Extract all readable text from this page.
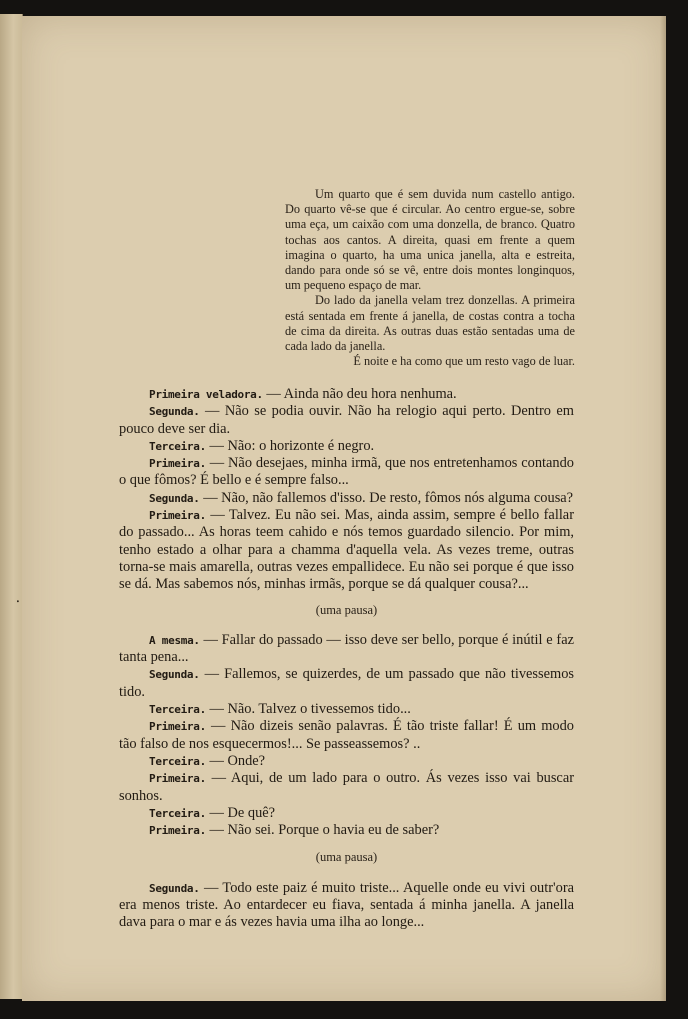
⸱

Um quarto que é sem duvida num castello antigo. Do quarto vê-se que é circular. Ao centro ergue-se, sobre uma eça, um caixão com uma donzella, de branco. Quatro tochas aos cantos. A direita, quasi em frente a quem imagina o quarto, ha uma unica janella, alta e estreita, dando para onde só se vê, entre dois montes longinquos, um pequeno espaço de mar.

Do lado da janella velam trez donzellas. A primeira está sentada em frente á janella, de costas contra a tocha de cima da direita. As outras duas estão sentadas uma de cada lado da janella.

É noite e ha como que um resto vago de luar.

Primeira veladora. — Ainda não deu hora nenhuma.

Segunda. — Não se podia ouvir. Não ha relogio aqui perto. Dentro em pouco deve ser dia.

Terceira. — Não: o horizonte é negro.

Primeira. — Não desejaes, minha irmã, que nos entretenhamos contando o que fômos? É bello e é sempre falso...

Segunda. — Não, não fallemos d'isso. De resto, fômos nós alguma cousa?

Primeira. — Talvez. Eu não sei. Mas, ainda assim, sempre é bello fallar do passado... As horas teem cahido e nós temos guardado silencio. Por mim, tenho estado a olhar para a chamma d'aquella vela. As vezes treme, outras torna-se mais amarella, outras vezes empallidece. Eu não sei porque é que isso se dá. Mas sabemos nós, minhas irmãs, porque se dá qualquer cousa?...

(uma pausa)

A mesma. — Fallar do passado — isso deve ser bello, porque é inútil e faz tanta pena...

Segunda. — Fallemos, se quizerdes, de um passado que não tivessemos tido.

Terceira. — Não. Talvez o tivessemos tido...

Primeira. — Não dizeis senão palavras. É tão triste fallar! É um modo tão falso de nos esquecermos!... Se passeassemos? ..

Terceira. — Onde?

Primeira. — Aqui, de um lado para o outro. Ás vezes isso vai buscar sonhos.

Terceira. — De quê?

Primeira. — Não sei. Porque o havia eu de saber?

(uma pausa)

Segunda. — Todo este paiz é muito triste... Aquelle onde eu vivi outr'ora era menos triste. Ao entardecer eu fiava, sentada á minha janella. A janella dava para o mar e ás vezes havia uma ilha ao longe...
